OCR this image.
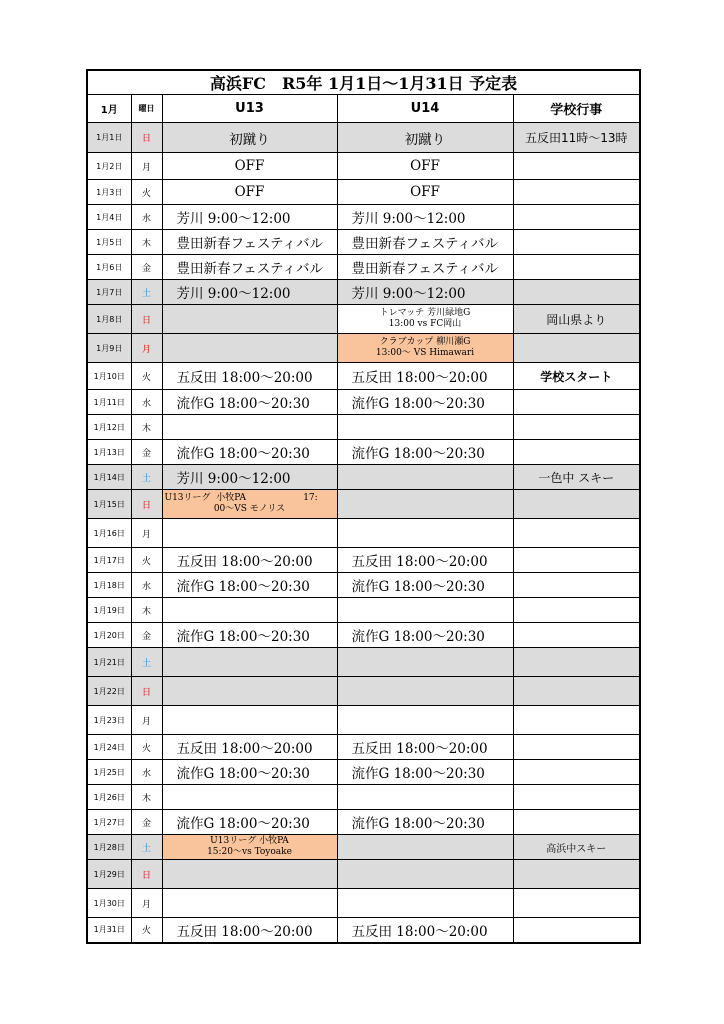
高浜FC　R5年 1月1日～1月31日 予定表				
1月	曜日	U13	U14	学校行事
1月1日	日	初蹴り	初蹴り	五反田11時～13時
1月2日	月	OFF	OFF	
1月3日	火	OFF	OFF	
1月4日	水	芳川 9:00～12:00	芳川 9:00～12:00	
1月5日	木	豊田新春フェスティバル	豊田新春フェスティバル	
1月6日	金	豊田新春フェスティバル	豊田新春フェスティバル	
1月7日	土	芳川 9:00～12:00	芳川 9:00～12:00	
1月8日	日		トレマッチ 芳川緑地G
13:00 vs FC岡山	岡山県より
1月9日	月		クラブカップ 柳川瀬G
13:00～ VS Himawari	

1月10日	火	五反田 18:00～20:00	五反田 18:00～20:00	学校スタート
1月11日	水	流作G 18:00～20:30	流作G 18:00～20:30	
1月12日	木			
1月13日	金	流作G 18:00～20:30	流作G 18:00～20:30	
1月14日	土	芳川 9:00～12:00		一色中 スキー
1月15日	日	U13リーグ  小牧PA                    17:
00～VS モノリス		

1月16日	月			
1月17日	火	五反田 18:00～20:00	五反田 18:00～20:00	
1月18日	水	流作G 18:00～20:30	流作G 18:00～20:30	
1月19日	木			
1月20日	金	流作G 18:00～20:30	流作G 18:00～20:30	
1月21日	土			
1月22日	日			
1月23日	月			
1月24日	火	五反田 18:00～20:00	五反田 18:00～20:00	
1月25日	水	流作G 18:00～20:30	流作G 18:00～20:30	
1月26日	木			
1月27日	金	流作G 18:00～20:30	流作G 18:00～20:30	
1月28日	土	U13リーグ 小牧PA
15:20～vs Toyoake		高浜中スキー
1月29日	日			
1月30日	月			
1月31日	火	五反田 18:00～20:00	五反田 18:00～20:00	
